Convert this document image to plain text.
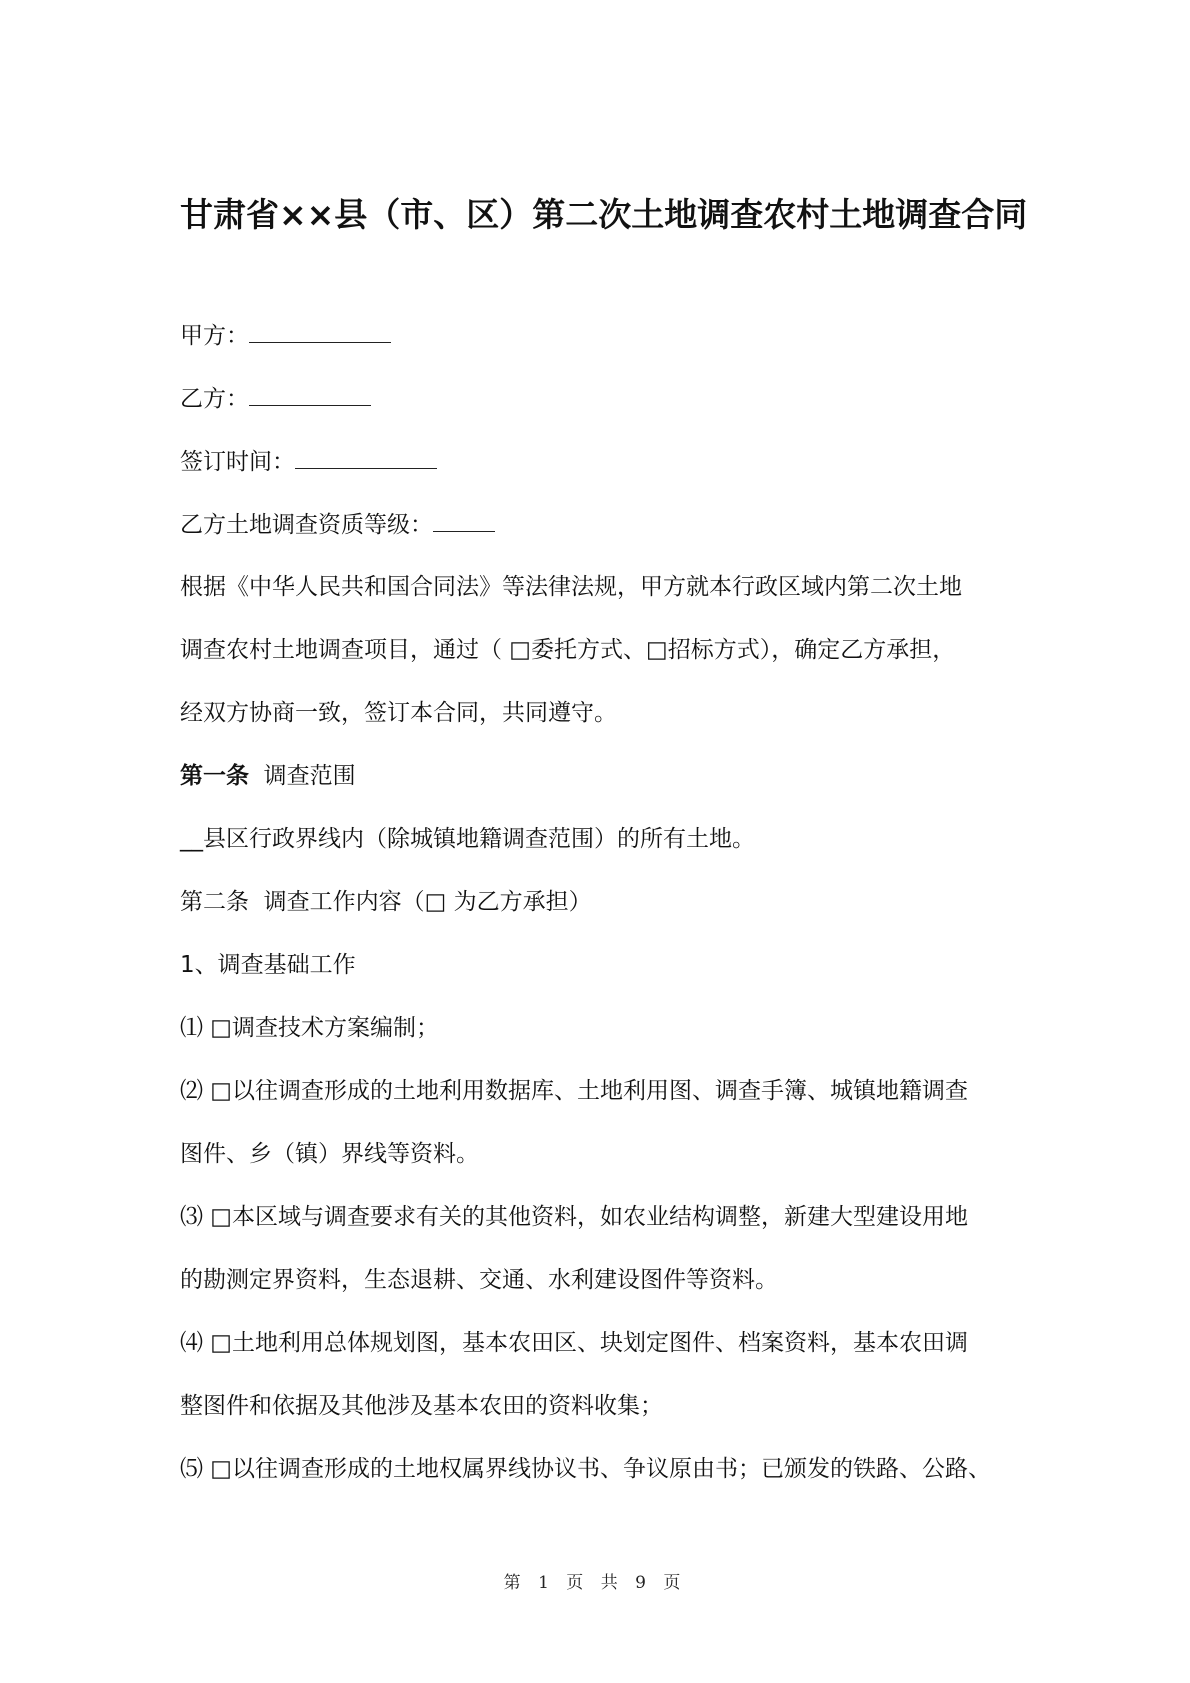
甘肃省××县（市、区）第二次土地调查农村土地调查合同
甲方：
乙方：
签订时间：
乙方土地调查资质等级：
根据《中华人民共和国合同法》等法律法规，甲方就本行政区域内第二次土地
调查农村土地调查项目，通过（ □委托方式、□招标方式），确定乙方承担，
经双方协商一致，签订本合同，共同遵守。
第一条 调查范围
__县区行政界线内（除城镇地籍调查范围）的所有土地。
第二条 调查工作内容（□ 为乙方承担）
1、调查基础工作
⑴ □调查技术方案编制；
⑵ □以往调查形成的土地利用数据库、土地利用图、调查手簿、城镇地籍调查
图件、乡（镇）界线等资料。
⑶ □本区域与调查要求有关的其他资料，如农业结构调整，新建大型建设用地
的勘测定界资料，生态退耕、交通、水利建设图件等资料。
⑷ □土地利用总体规划图，基本农田区、块划定图件、档案资料，基本农田调
整图件和依据及其他涉及基本农田的资料收集；
⑸ □以往调查形成的土地权属界线协议书、争议原由书；已颁发的铁路、公路、
第 1 页 共 9 页
